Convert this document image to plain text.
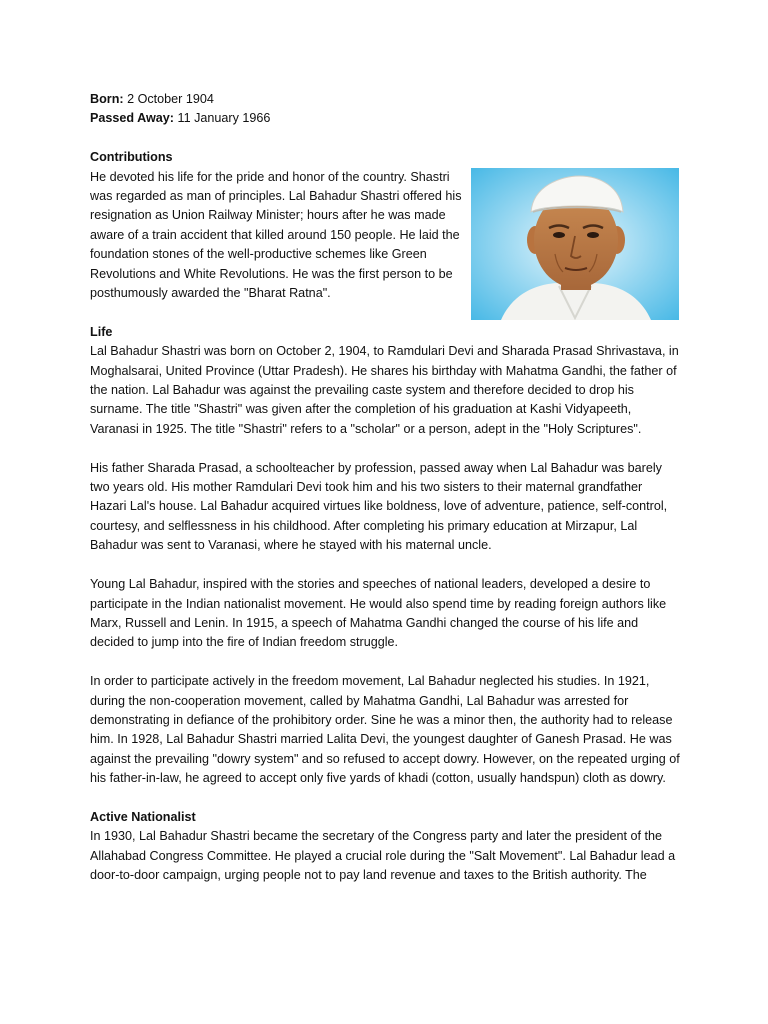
Born: 2 October 1904
Passed Away: 11 January 1966
Contributions

He devoted his life for the pride and honor of the country. Shastri was regarded as man of principles. Lal Bahadur Shastri offered his resignation as Union Railway Minister; hours after he was made aware of a train accident that killed around 150 people. He laid the foundation stones of the well-productive schemes like Green Revolutions and White Revolutions. He was the first person to be posthumously awarded the "Bharat Ratna".

Life

Lal Bahadur Shastri was born on October 2, 1904, to Ramdulari Devi and Sharada Prasad Shrivastava, in Moghalsarai, United Province (Uttar Pradesh). He shares his birthday with Mahatma Gandhi, the father of the nation. Lal Bahadur was against the prevailing caste system and therefore decided to drop his surname. The title "Shastri" was given after the completion of his graduation at Kashi Vidyapeeth, Varanasi in 1925. The title "Shastri" refers to a "scholar" or a person, adept in the "Holy Scriptures".

His father Sharada Prasad, a schoolteacher by profession, passed away when Lal Bahadur was barely two years old. His mother Ramdulari Devi took him and his two sisters to their maternal grandfather Hazari Lal's house. Lal Bahadur acquired virtues like boldness, love of adventure, patience, self-control, courtesy, and selflessness in his childhood. After completing his primary education at Mirzapur, Lal Bahadur was sent to Varanasi, where he stayed with his maternal uncle.

Young Lal Bahadur, inspired with the stories and speeches of national leaders, developed a desire to participate in the Indian nationalist movement. He would also spend time by reading foreign authors like Marx, Russell and Lenin. In 1915, a speech of Mahatma Gandhi changed the course of his life and decided to jump into the fire of Indian freedom struggle.

In order to participate actively in the freedom movement, Lal Bahadur neglected his studies. In 1921, during the non-cooperation movement, called by Mahatma Gandhi, Lal Bahadur was arrested for demonstrating in defiance of the prohibitory order. Sine he was a minor then, the authority had to release him. In 1928, Lal Bahadur Shastri married Lalita Devi, the youngest daughter of Ganesh Prasad. He was against the prevailing "dowry system" and so refused to accept dowry. However, on the repeated urging of his father-in-law, he agreed to accept only five yards of khadi (cotton, usually handspun) cloth as dowry.

Active Nationalist

In 1930, Lal Bahadur Shastri became the secretary of the Congress party and later the president of the Allahabad Congress Committee. He played a crucial role during the "Salt Movement". Lal Bahadur lead a door-to-door campaign, urging people not to pay land revenue and taxes to the British authority. The
